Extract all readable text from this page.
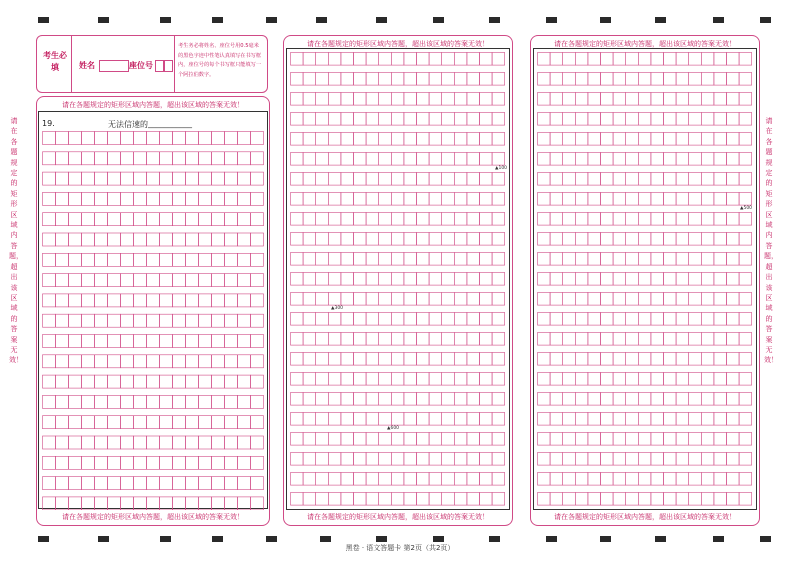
考生必填	姓名	座位号
考生务必将姓名、座位号用0.5毫米的黑色字迹中性笔认真填写在书写框内，座位号的每个书写框只能填写一个阿拉伯数字。
请在各题规定的矩形区域内答题，超出该区域的答案无效！
请在各题规定的矩形区域内答题，超出该区域的答案无效！
19.	无法信速的 ___________
请在各题规定的矩形区域内答题，超出该区域的答案无效！
请在各题规定的矩形区域内答题，超出该区域的答案无效！
▲100
▲300
▲600
请在各题规定的矩形区域内答题，超出该区域的答案无效！
请在各题规定的矩形区域内答题，超出该区域的答案无效！
▲500
请在各题规定的矩形区域内答题，超出该区域的答案无效！
请在各题规定的矩形区域内答题，超出该区域的答案无效！
黑卷 · 语文答题卡 第2页（共2页）
